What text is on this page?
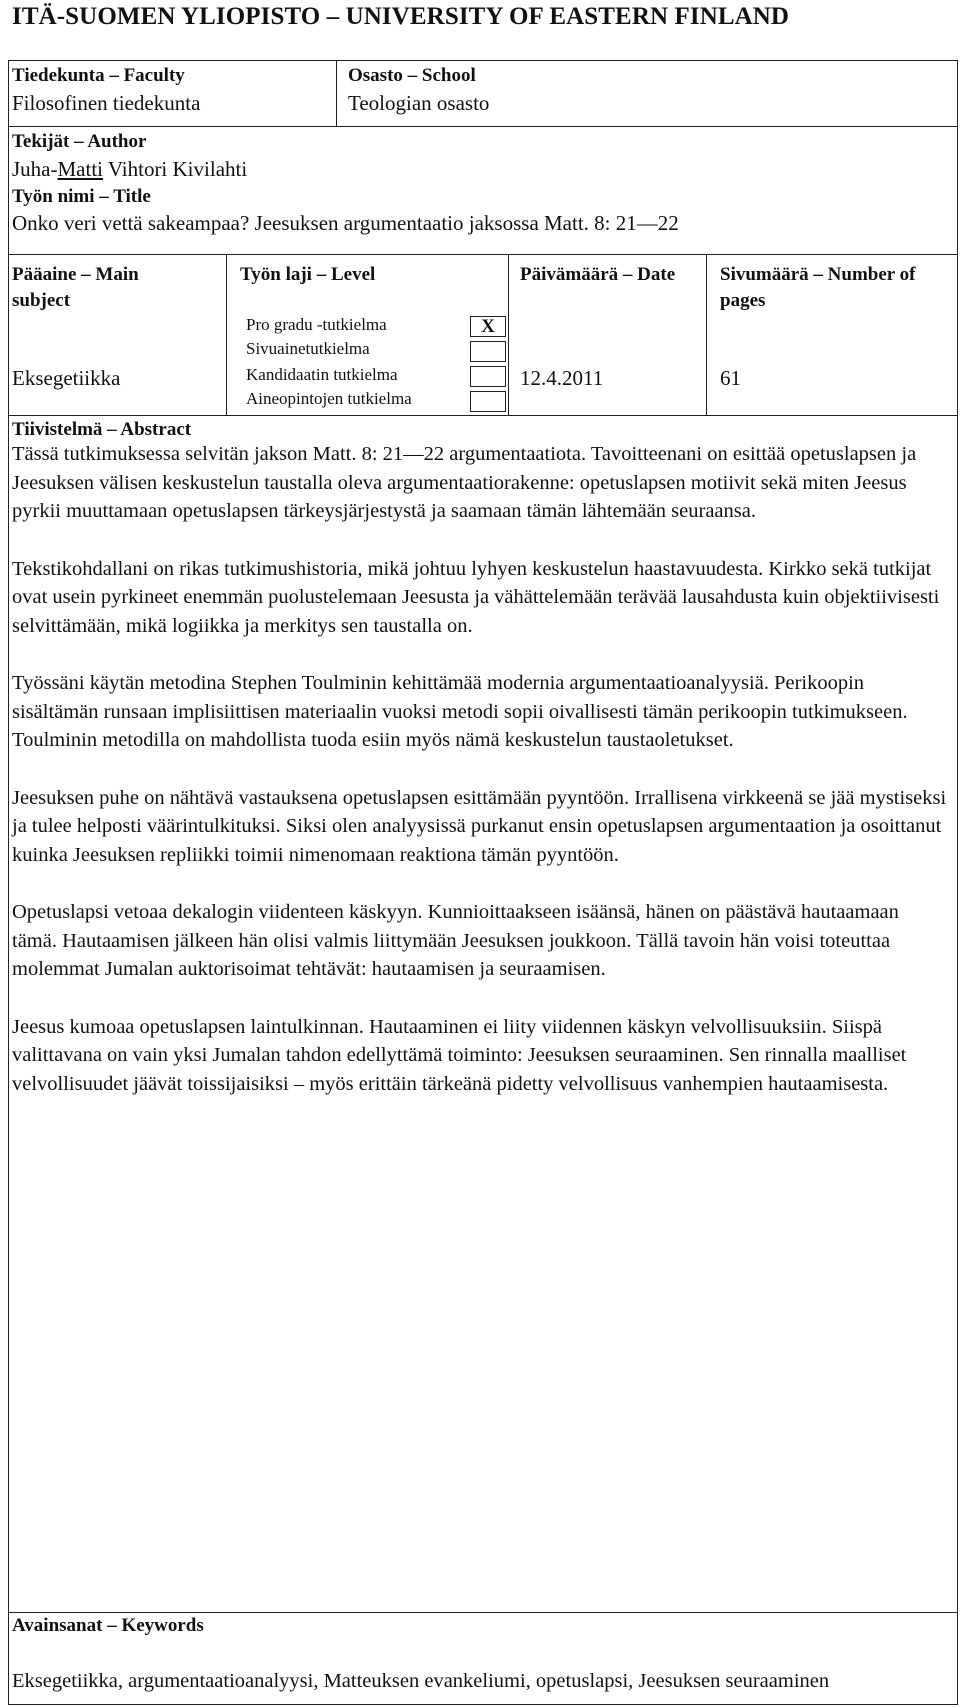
ITÄ-SUOMEN YLIOPISTO – UNIVERSITY OF EASTERN FINLAND
Tiedekunta – Faculty
Filosofinen tiedekunta
Osasto – School
Teologian osasto
Tekijät – Author
Juha-Matti Vihtori Kivilahti
Työn nimi – Title
Onko veri vettä sakeampaa? Jeesuksen argumentaatio jaksossa Matt. 8: 21—22
Pääaine – Main
subject
Eksegetiikka
Työn laji – Level
Pro gradu -tutkielma
Sivuainetutkielma
Kandidaatin tutkielma
Aineopintojen tutkielma
X
Päivämäärä – Date
12.4.2011
Sivumäärä – Number of
pages
61
Tiivistelmä – Abstract

Tässä tutkimuksessa selvitän jakson Matt. 8: 21—22 argumentaatiota. Tavoitteenani on esittää opetuslapsen ja Jeesuksen välisen keskustelun taustalla oleva argumentaatiorakenne: opetuslapsen motiivit sekä miten Jeesus pyrkii muuttamaan opetuslapsen tärkeysjärjestystä ja saamaan tämän lähtemään seuraansa.

Tekstikohdallani on rikas tutkimushistoria, mikä johtuu lyhyen keskustelun haastavuudesta. Kirkko sekä tutkijat ovat usein pyrkineet enemmän puolustelemaan Jeesusta ja vähättelemään terävää lausahdusta kuin objektiivisesti selvittämään, mikä logiikka ja merkitys sen taustalla on.

Työssäni käytän metodina Stephen Toulminin kehittämää modernia argumentaatioanalyysiä. Perikoopin sisältämän runsaan implisiittisen materiaalin vuoksi metodi sopii oivallisesti tämän perikoopin tutkimukseen. Toulminin metodilla on mahdollista tuoda esiin myös nämä keskustelun taustaoletukset.

Jeesuksen puhe on nähtävä vastauksena opetuslapsen esittämään pyyntöön. Irrallisena virkkeenä se jää mystiseksi ja tulee helposti väärintulkituksi. Siksi olen analyysissä purkanut ensin opetuslapsen argumentaation ja osoittanut kuinka Jeesuksen repliikki toimii nimenomaan reaktiona tämän pyyntöön.

Opetuslapsi vetoaa dekalogin viidenteen käskyyn. Kunnioittaakseen isäänsä, hänen on päästävä hautaamaan tämä. Hautaamisen jälkeen hän olisi valmis liittymään Jeesuksen joukkoon. Tällä tavoin hän voisi toteuttaa molemmat Jumalan auktorisoimat tehtävät: hautaamisen ja seuraamisen.

Jeesus kumoaa opetuslapsen laintulkinnan. Hautaaminen ei liity viidennen käskyn velvollisuuksiin. Siispä valittavana on vain yksi Jumalan tahdon edellyttämä toiminto: Jeesuksen seuraaminen. Sen rinnalla maalliset velvollisuudet jäävät toissijaisiksi – myös erittäin tärkeänä pidetty velvollisuus vanhempien hautaamisesta.

Avainsanat – Keywords
Eksegetiikka, argumentaatioanalyysi, Matteuksen evankeliumi, opetuslapsi, Jeesuksen seuraaminen
